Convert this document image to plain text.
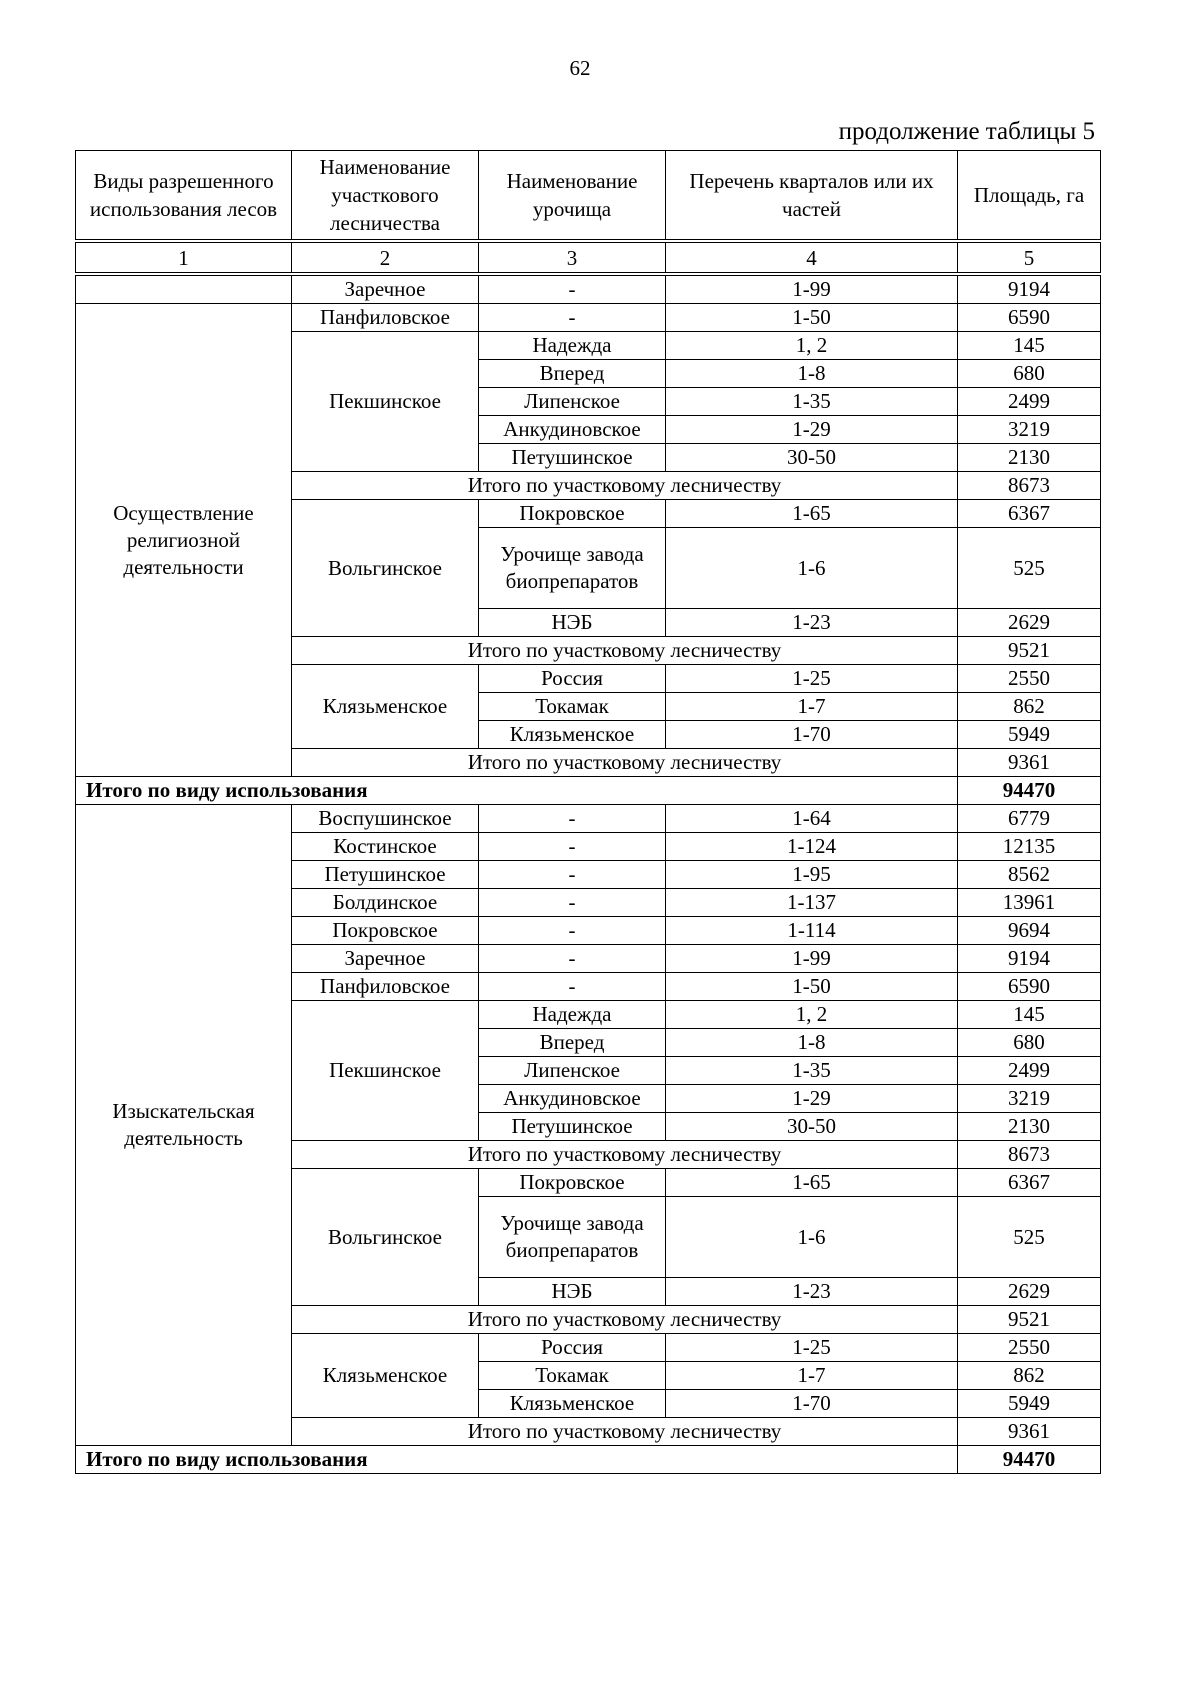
62
продолжение таблицы 5
Виды разрешенного использования лесов	Наименование участкового лесничества	Наименование урочища	Перечень кварталов или их частей	Площадь, га
1	2	3	4	5
	Заречное	-	1-99	9194
Осуществление религиозной деятельности	Панфиловское	-	1-50	6590
	Пекшинское	Надежда	1, 2	145
		Вперед	1-8	680
		Липенское	1-35	2499
		Анкудиновское	1-29	3219
		Петушинское	30-50	2130
	Итого по участковому лесничеству			8673
	Вольгинское	Покровское	1-65	6367
		Урочище завода биопрепаратов	1-6	525
		НЭБ	1-23	2629
	Итого по участковому лесничеству			9521
	Клязьменское	Россия	1-25	2550
		Токамак	1-7	862
		Клязьменское	1-70	5949
	Итого по участковому лесничеству			9361
Итого по виду использования				94470
Изыскательская деятельность	Воспушинское	-	1-64	6779
	Костинское	-	1-124	12135
	Петушинское	-	1-95	8562
	Болдинское	-	1-137	13961
	Покровское	-	1-114	9694
	Заречное	-	1-99	9194
	Панфиловское	-	1-50	6590
	Пекшинское	Надежда	1, 2	145
		Вперед	1-8	680
		Липенское	1-35	2499
		Анкудиновское	1-29	3219
		Петушинское	30-50	2130
	Итого по участковому лесничеству			8673
	Вольгинское	Покровское	1-65	6367
		Урочище завода биопрепаратов	1-6	525
		НЭБ	1-23	2629
	Итого по участковому лесничеству			9521
	Клязьменское	Россия	1-25	2550
		Токамак	1-7	862
		Клязьменское	1-70	5949
	Итого по участковому лесничеству			9361
Итого по виду использования				94470
